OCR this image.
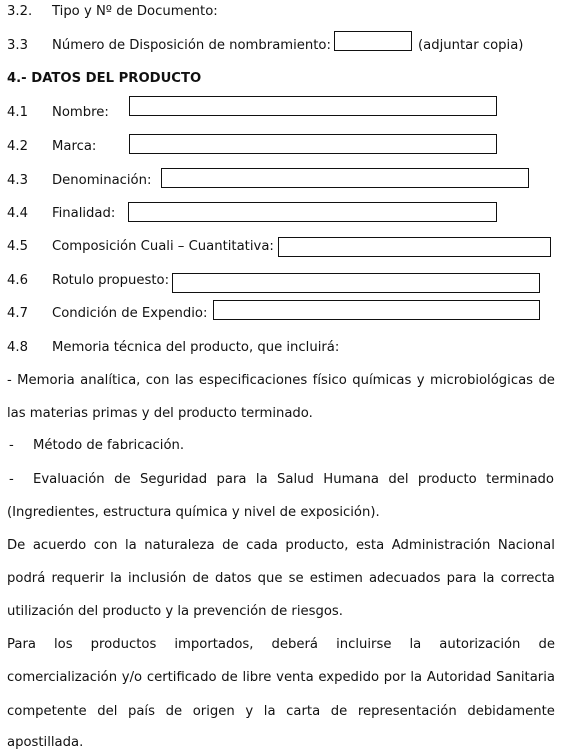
3.2. Tipo y Nº de Documento:
3.3 Número de Disposición de nombramiento:	(adjuntar copia)
4.- DATOS DEL PRODUCTO
4.1 Nombre:
4.2 Marca:
4.3 Denominación:
4.4 Finalidad:
4.5 Composición Cuali – Cuantitativa:
4.6 Rotulo propuesto:
4.7 Condición de Expendio:
4.8 Memoria técnica del producto, que incluirá:
- Memoria analítica, con las especificaciones físico químicas y microbiológicas de
las materias primas y del producto terminado.
- Método de fabricación.
- Evaluación de Seguridad para la Salud Humana del producto terminado
(Ingredientes, estructura química y nivel de exposición).
De acuerdo con la naturaleza de cada producto, esta Administración Nacional
podrá requerir la inclusión de datos que se estimen adecuados para la correcta
utilización del producto y la prevención de riesgos.
Para los productos importados, deberá incluirse la autorización de
comercialización y/o certificado de libre venta expedido por la Autoridad Sanitaria
competente del país de origen y la carta de representación debidamente
apostillada.
